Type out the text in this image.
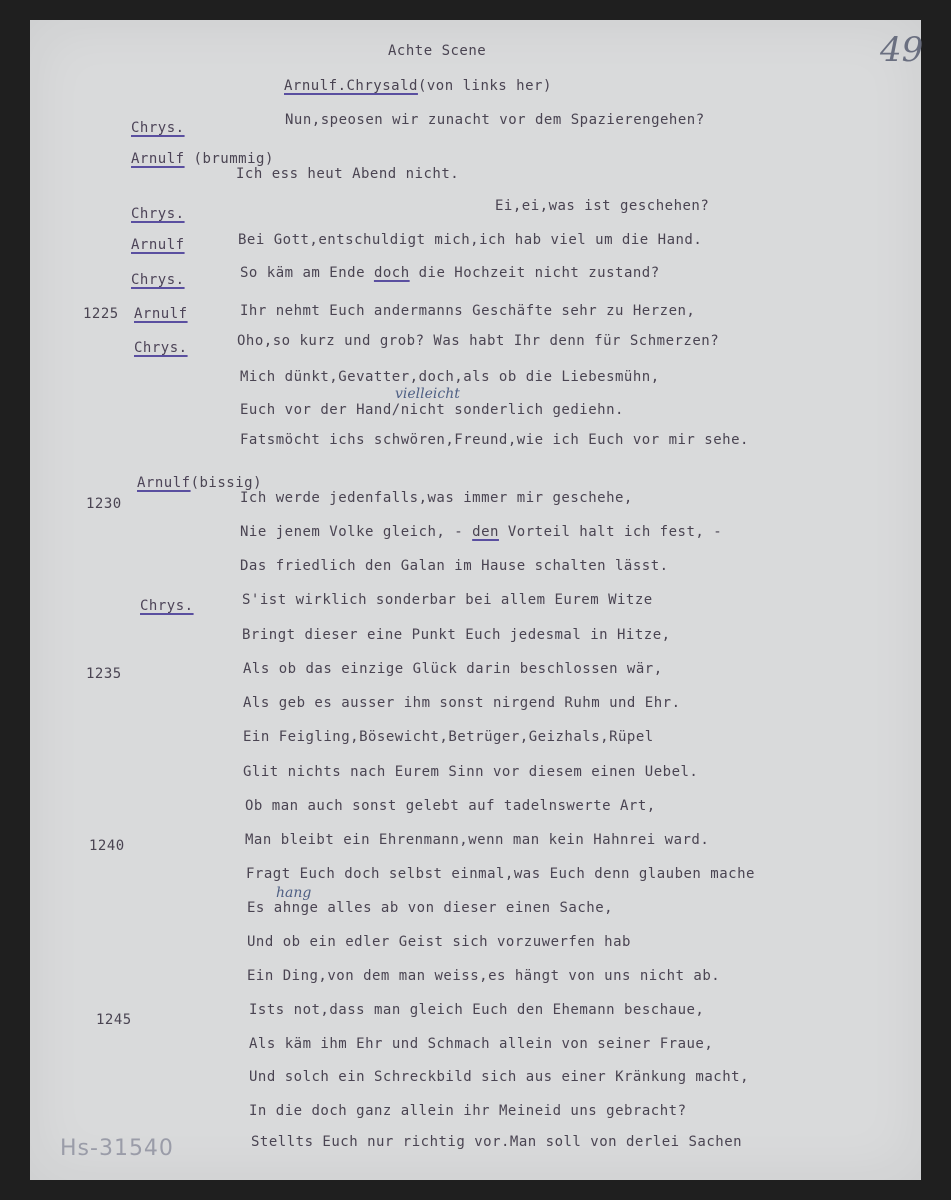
49
Achte Scene
Arnulf.Chrysald(von links her)
Chrys.	Nun,speosen wir zunacht vor dem Spazierengehen?
Arnulf (brummig)
Ich ess heut Abend nicht.
Chrys.	Ei,ei,was ist geschehen?
Arnulf	Bei Gott,entschuldigt mich,ich hab viel um die Hand.
Chrys.	So käm am Ende doch die Hochzeit nicht zustand?
1225 Arnulf	Ihr nehmt Euch andermanns Geschäfte sehr zu Herzen,
Chrys.	Oho,so kurz und grob? Was habt Ihr denn für Schmerzen?
Mich dünkt,Gevatter,doch,als ob die Liebesmühn,
vielleicht
Euch vor der Hand/nicht sonderlich gediehn.
Fatsmöcht ichs schwören,Freund,wie ich Euch vor mir sehe.
Arnulf(bissig)
1230	Ich werde jedenfalls,was immer mir geschehe,
Nie jenem Volke gleich, - den Vorteil halt ich fest, -
Das friedlich den Galan im Hause schalten lässt.
Chrys.	S'ist wirklich sonderbar bei allem Eurem Witze
Bringt dieser eine Punkt Euch jedesmal in Hitze,
1235	Als ob das einzige Glück darin beschlossen wär,
Als geb es ausser ihm sonst nirgend Ruhm und Ehr.
Ein Feigling,Bösewicht,Betrüger,Geizhals,Rüpel
Glit nichts nach Eurem Sinn vor diesem einen Uebel.
Ob man auch sonst gelebt auf tadelnswerte Art,
1240	Man bleibt ein Ehrenmann,wenn man kein Hahnrei ward.
Fragt Euch doch selbst einmal,was Euch denn glauben mache
hang
Es ahnge alles ab von dieser einen Sache,
Und ob ein edler Geist sich vorzuwerfen hab
Ein Ding,von dem man weiss,es hängt von uns nicht ab.
1245
Ists not,dass man gleich Euch den Ehemann beschaue,
Als käm ihm Ehr und Schmach allein von seiner Fraue,
Und solch ein Schreckbild sich aus einer Kränkung macht,
In die doch ganz allein ihr Meineid uns gebracht?
Stellts Euch nur richtig vor.Man soll von derlei Sachen
Hs-31540
